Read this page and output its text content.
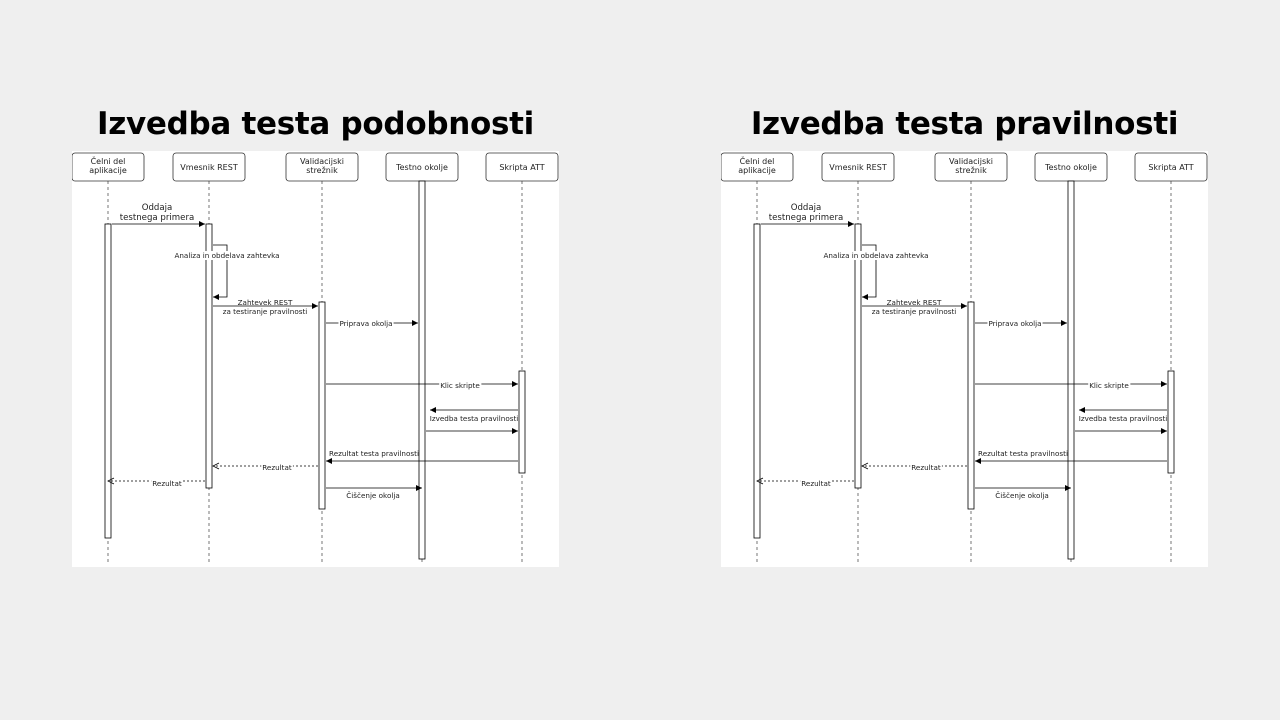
Izvedba testa podobnosti	Izvedba testa pravilnosti
Čelni del
aplikacije	Vmesnik REST
Validacijski
strežnik	Testno okolje	Skripta ATT
Oddaja
testnega primera
Analiza in obdelava zahtevka
Zahtevek REST
za testiranje pravilnosti
Priprava okolja
Klic skripte
Izvedba testa pravilnosti
Rezultat testa pravilnosti
Rezultat
Rezultat
Čiščenje okolja
Čelni del
aplikacije	Vmesnik REST
Validacijski
strežnik	Testno okolje	Skripta ATT
Oddaja
testnega primera
Analiza in obdelava zahtevka
Zahtevek REST
za testiranje pravilnosti
Priprava okolja
Klic skripte
Izvedba testa pravilnosti
Rezultat testa pravilnosti
Rezultat
Rezultat
Čiščenje okolja
